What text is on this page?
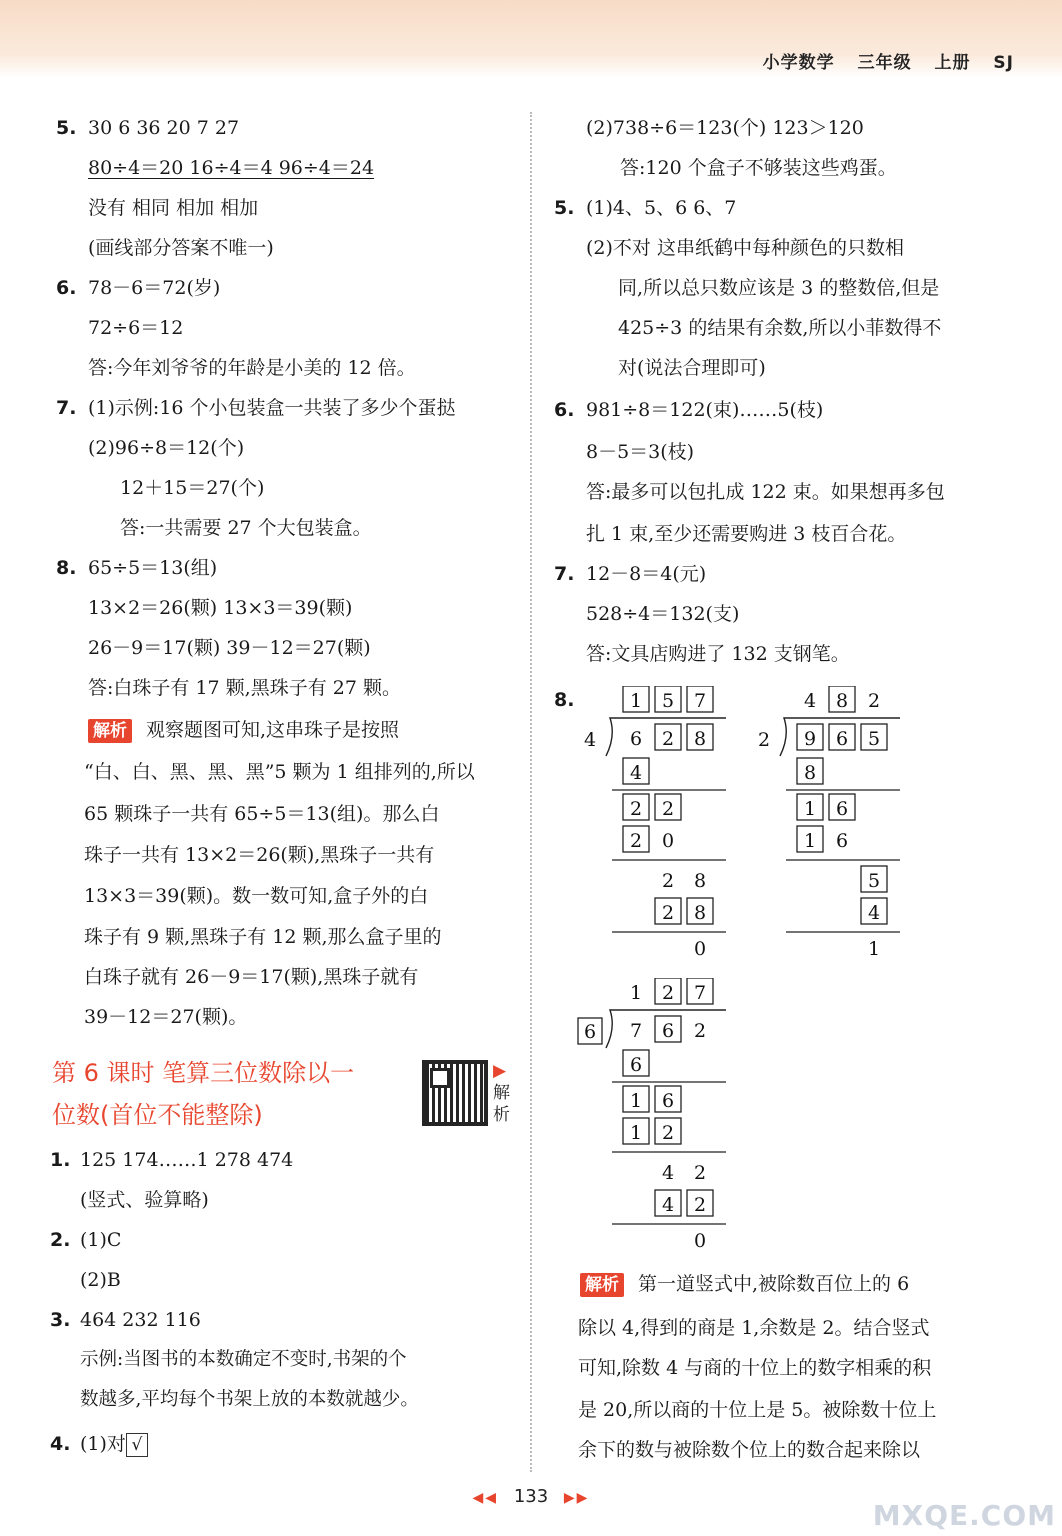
小学数学 三年级 上册 SJ
5. 30 6 36 20 7 27
80÷4＝20 16÷4＝4 96÷4＝24
没有 相同 相加 相加
(画线部分答案不唯一)
6. 78－6＝72(岁)
72÷6＝12
答:今年刘爷爷的年龄是小美的 12 倍。
7. (1)示例:16 个小包装盒一共装了多少个蛋挞
(2)96÷8＝12(个)
12＋15＝27(个)
答:一共需要 27 个大包装盒。
8. 65÷5＝13(组)
13×2＝26(颗) 13×3＝39(颗)
26－9＝17(颗) 39－12＝27(颗)
答:白珠子有 17 颗,黑珠子有 27 颗。
解析 观察题图可知,这串珠子是按照
“白、白、黑、黑、黑”5 颗为 1 组排列的,所以
65 颗珠子一共有 65÷5＝13(组)。那么白
珠子一共有 13×2＝26(颗),黑珠子一共有
13×3＝39(颗)。数一数可知,盒子外的白
珠子有 9 颗,黑珠子有 12 颗,那么盒子里的
白珠子就有 26－9＝17(颗),黑珠子就有
39－12＝27(颗)。
第 6 课时 笔算三位数除以一
位数(首位不能整除)
▶
解
析
1. 125 174……1 278 474
(竖式、验算略)
2. (1)C
(2)B
3. 464 232 116
示例:当图书的本数确定不变时,书架的个
数越多,平均每个书架上放的本数就越少。
4. (1)对 √
(2)738÷6＝123(个) 123＞120
答:120 个盒子不够装这些鸡蛋。
5. (1)4、5、6 6、7
(2)不对 这串纸鹤中每种颜色的只数相
同,所以总只数应该是 3 的整数倍,但是
425÷3 的结果有余数,所以小菲数得不
对(说法合理即可)
6. 981÷8＝122(束)……5(枝)
8－5＝3(枝)
答:最多可以包扎成 122 束。如果想再多包
扎 1 束,至少还需要购进 3 枝百合花。
7. 12－8＝4(元)
528÷4＝132(支)
答:文具店购进了 132 支钢笔。
8.
4
1 5 7
6 2 8
4
2 2
2 0
2 8
2 8
0
2
4 8 2
9 6 5
8
1 6
1 6
5
4
1
6
1 2 7
7 6 2
6
1 6
1 2
4 2
4 2
0
解析 第一道竖式中,被除数百位上的 6
除以 4,得到的商是 1,余数是 2。结合竖式
可知,除数 4 与商的十位上的数字相乘的积
是 20,所以商的十位上是 5。被除数十位上
余下的数与被除数个位上的数合起来除以
◀◀ 133 ▶▶
MXQE.COM
